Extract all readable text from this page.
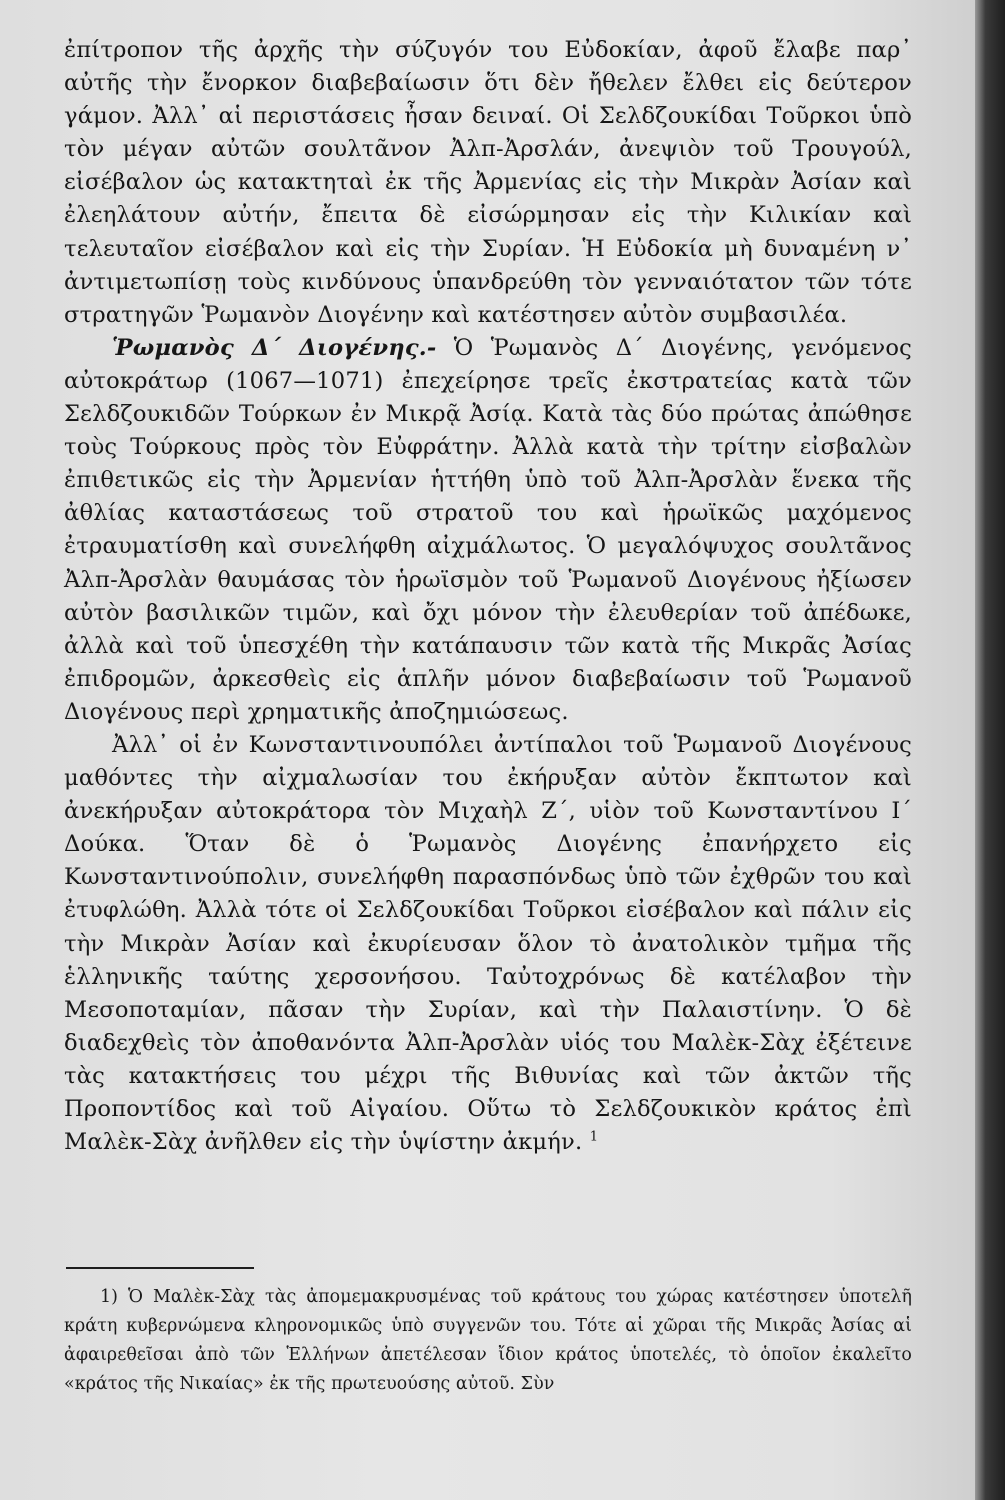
ἐπίτροπον τῆς ἀρχῆς τὴν σύζυγόν του Εὐδοκίαν, ἀφοῦ ἔλαβε παρ᾿ αὐτῆς τὴν ἔνορκον διαβεβαίωσιν ὅτι δὲν ἤθελεν ἔλθει εἰς δεύτερον γάμον. Ἀλλ᾿ αἱ περιστάσεις ἦσαν δειναί. Οἱ Σελδζουκίδαι Τοῦρκοι ὑπὸ τὸν μέγαν αὐτῶν σουλτᾶνον Ἀλπ-Ἀρσλάν, ἀνεψιὸν τοῦ Τρουγούλ, εἰσέβαλον ὡς κατακτηταὶ ἐκ τῆς Ἀρμενίας εἰς τὴν Μικρὰν Ἀσίαν καὶ ἐλεηλάτουν αὐτήν, ἔπειτα δὲ εἰσώρμησαν εἰς τὴν Κιλικίαν καὶ τελευταῖον εἰσέβαλον καὶ εἰς τὴν Συρίαν. Ἡ Εὐδοκία μὴ δυναμένη ν᾿ ἀντιμετωπίσῃ τοὺς κινδύνους ὑπανδρεύθη τὸν γενναιότατον τῶν τότε στρατηγῶν Ῥωμανὸν Διογένην καὶ κατέστησεν αὐτὸν συμβασιλέα.

Ῥωμανὸς Δ΄ Διογένης.- Ὁ Ῥωμανὸς Δ΄ Διογένης, γενόμενος αὐτοκράτωρ (1067—1071) ἐπεχείρησε τρεῖς ἐκστρατείας κατὰ τῶν Σελδζουκιδῶν Τούρκων ἐν Μικρᾷ Ἀσίᾳ. Κατὰ τὰς δύο πρώτας ἀπώθησε τοὺς Τούρκους πρὸς τὸν Εὐφράτην. Ἀλλὰ κατὰ τὴν τρίτην εἰσβαλὼν ἐπιθετικῶς εἰς τὴν Ἀρμενίαν ἡττήθη ὑπὸ τοῦ Ἀλπ-Ἀρσλὰν ἕνεκα τῆς ἀθλίας καταστάσεως τοῦ στρατοῦ του καὶ ἡρωϊκῶς μαχόμενος ἐτραυματίσθη καὶ συνελήφθη αἰχμάλωτος. Ὁ μεγαλόψυχος σουλτᾶνος Ἀλπ-Ἀρσλὰν θαυμάσας τὸν ἡρωϊσμὸν τοῦ Ῥωμανοῦ Διογένους ἠξίωσεν αὐτὸν βασιλικῶν τιμῶν, καὶ ὄχι μόνον τὴν ἐλευθερίαν τοῦ ἀπέδωκε, ἀλλὰ καὶ τοῦ ὑπεσχέθη τὴν κατάπαυσιν τῶν κατὰ τῆς Μικρᾶς Ἀσίας ἐπιδρομῶν, ἀρκεσθεὶς εἰς ἁπλῆν μόνον διαβεβαίωσιν τοῦ Ῥωμανοῦ Διογένους περὶ χρηματικῆς ἀποζημιώσεως.

Ἀλλ᾿ οἱ ἐν Κωνσταντινουπόλει ἀντίπαλοι τοῦ Ῥωμανοῦ Διογένους μαθόντες τὴν αἰχμαλωσίαν του ἐκήρυξαν αὐτὸν ἔκπτωτον καὶ ἀνεκήρυξαν αὐτοκράτορα τὸν Μιχαὴλ Ζ΄, υἱὸν τοῦ Κωνσταντίνου Ι΄ Δούκα. Ὅταν δὲ ὁ Ῥωμανὸς Διογένης ἐπανήρχετο εἰς Κωνσταντινούπολιν, συνελήφθη παρασπόνδως ὑπὸ τῶν ἐχθρῶν του καὶ ἐτυφλώθη. Ἀλλὰ τότε οἱ Σελδζουκίδαι Τοῦρκοι εἰσέβαλον καὶ πάλιν εἰς τὴν Μικρὰν Ἀσίαν καὶ ἐκυρίευσαν ὅλον τὸ ἀνατολικὸν τμῆμα τῆς ἑλληνικῆς ταύτης χερσονήσου. Ταὐτοχρόνως δὲ κατέλαβον τὴν Μεσοποταμίαν, πᾶσαν τὴν Συρίαν, καὶ τὴν Παλαιστίνην. Ὁ δὲ διαδεχθεὶς τὸν ἀποθανόντα Ἀλπ-Ἀρσλὰν υἱός του Μαλὲκ-Σὰχ ἐξέτεινε τὰς κατακτήσεις του μέχρι τῆς Βιθυνίας καὶ τῶν ἀκτῶν τῆς Προποντίδος καὶ τοῦ Αἰγαίου. Οὕτω τὸ Σελδζουκικὸν κράτος ἐπὶ Μαλὲκ-Σὰχ ἀνῆλθεν εἰς τὴν ὑψίστην ἀκμήν. $^1$

1) Ὁ Μαλὲκ-Σὰχ τὰς ἀπομεμακρυσμένας τοῦ κράτους του χώρας κατέστησεν ὑποτελῆ κράτη κυβερνώμενα κληρονομικῶς ὑπὸ συγγενῶν του. Τότε αἱ χῶραι τῆς Μικρᾶς Ἀσίας αἱ ἀφαιρεθεῖσαι ἀπὸ τῶν Ἑλλήνων ἀπετέλεσαν ἴδιον κράτος ὑποτελές, τὸ ὁποῖον ἐκαλεῖτο «κράτος τῆς Νικαίας» ἐκ τῆς πρωτευούσης αὐτοῦ. Σὺν
